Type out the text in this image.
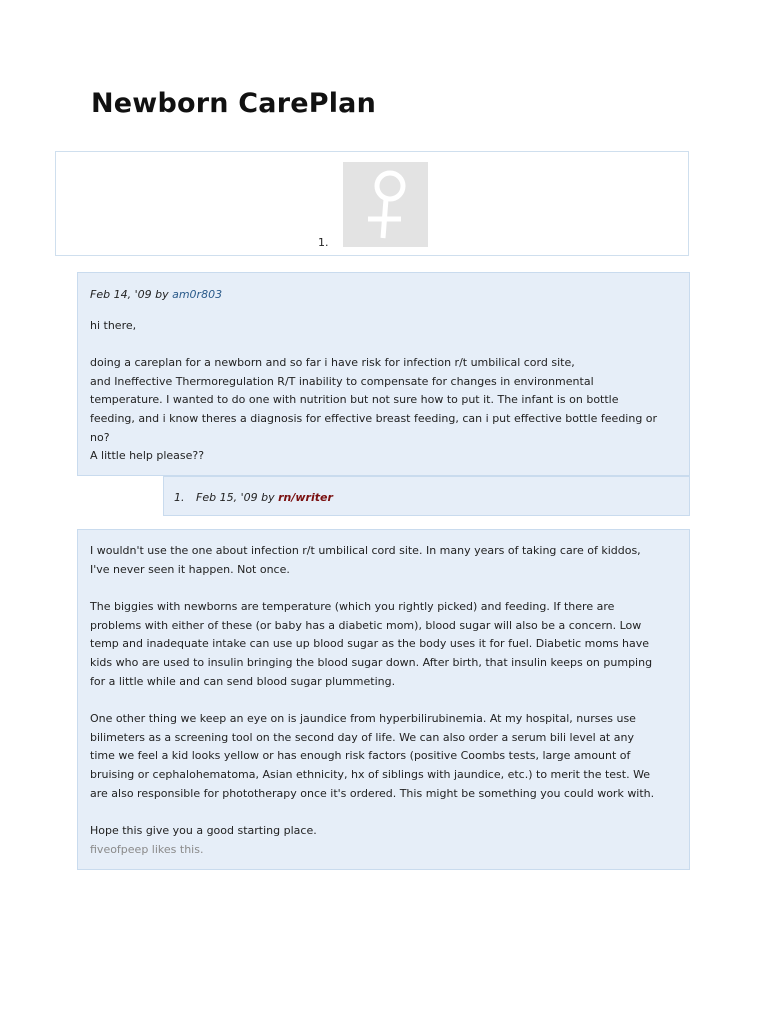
Newborn CarePlan
1.
Feb 14, '09 by am0r803

hi there,

doing a careplan for a newborn and so far i have risk for infection r/t umbilical cord site,
and Ineffective Thermoregulation R/T inability to compensate for changes in environmental
temperature. I wanted to do one with nutrition but not sure how to put it. The infant is on bottle
feeding, and i know theres a diagnosis for effective breast feeding, can i put effective bottle feeding or
no?
A little help please??
1. Feb 15, '09 by rn/writer
I wouldn't use the one about infection r/t umbilical cord site. In many years of taking care of kiddos,
I've never seen it happen. Not once.
The biggies with newborns are temperature (which you rightly picked) and feeding. If there are
problems with either of these (or baby has a diabetic mom), blood sugar will also be a concern. Low
temp and inadequate intake can use up blood sugar as the body uses it for fuel. Diabetic moms have
kids who are used to insulin bringing the blood sugar down. After birth, that insulin keeps on pumping
for a little while and can send blood sugar plummeting.
One other thing we keep an eye on is jaundice from hyperbilirubinemia. At my hospital, nurses use
bilimeters as a screening tool on the second day of life. We can also order a serum bili level at any
time we feel a kid looks yellow or has enough risk factors (positive Coombs tests, large amount of
bruising or cephalohematoma, Asian ethnicity, hx of siblings with jaundice, etc.) to merit the test. We
are also responsible for phototherapy once it's ordered. This might be something you could work with.
Hope this give you a good starting place.
fiveofpeep likes this.
